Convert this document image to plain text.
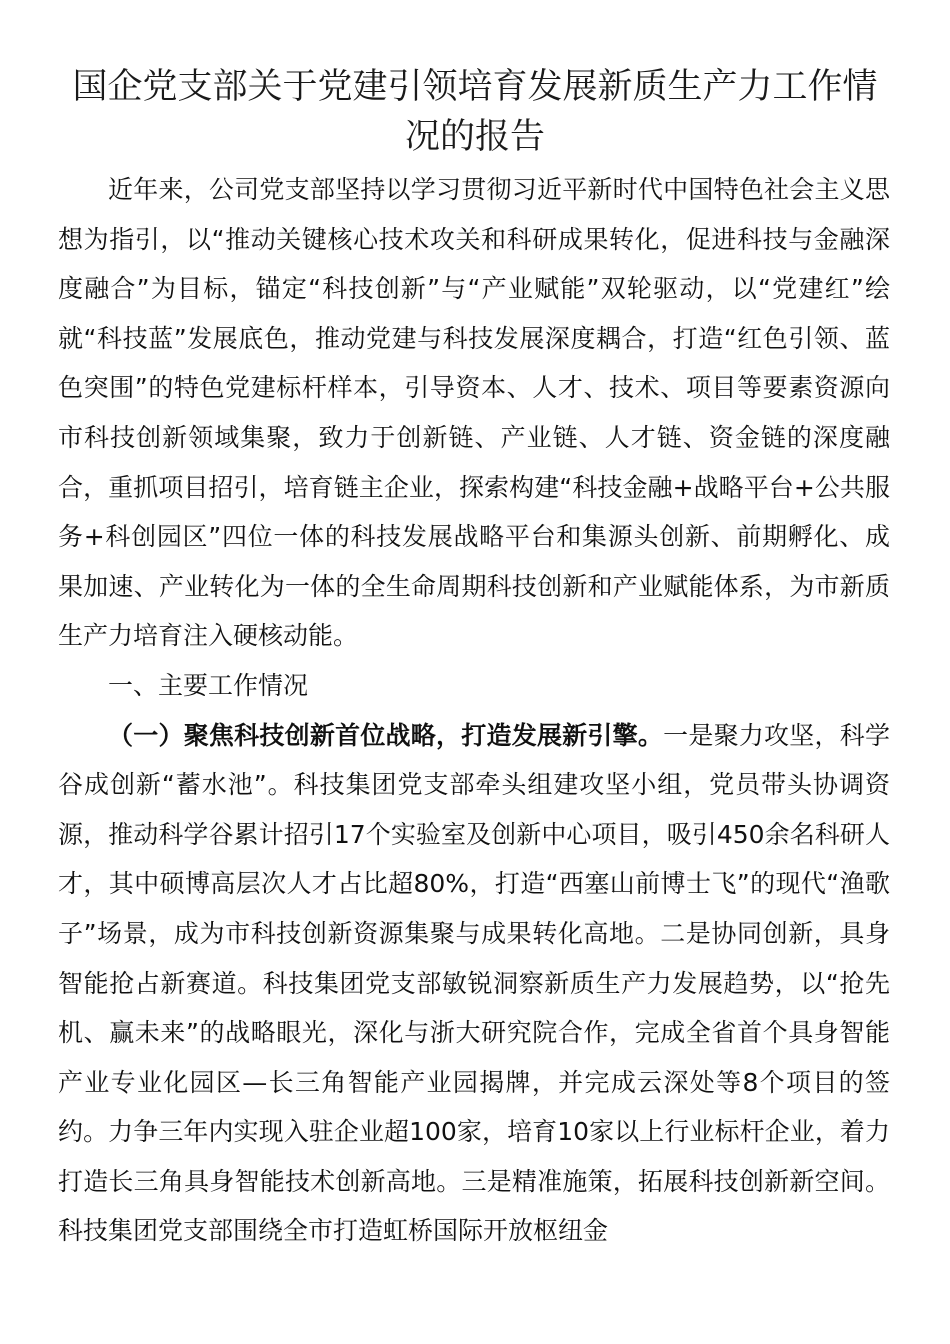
国企党支部关于党建引领培育发展新质生产力工作情况的报告

近年来，公司党支部坚持以学习贯彻习近平新时代中国特色社会主义思想为指引，以“推动关键核心技术攻关和科研成果转化，促进科技与金融深度融合”为目标，锚定“科技创新”与“产业赋能”双轮驱动，以“党建红”绘就“科技蓝”发展底色，推动党建与科技发展深度耦合，打造“红色引领、蓝色突围”的特色党建标杆样本，引导资本、人才、技术、项目等要素资源向市科技创新领域集聚，致力于创新链、产业链、人才链、资金链的深度融合，重抓项目招引，培育链主企业，探索构建“科技金融+战略平台+公共服务+科创园区”四位一体的科技发展战略平台和集源头创新、前期孵化、成果加速、产业转化为一体的全生命周期科技创新和产业赋能体系，为市新质生产力培育注入硬核动能。

一、主要工作情况

（一）聚焦科技创新首位战略，打造发展新引擎。一是聚力攻坚，科学谷成创新“蓄水池”。科技集团党支部牵头组建攻坚小组，党员带头协调资源，推动科学谷累计招引17个实验室及创新中心项目，吸引450余名科研人才，其中硕博高层次人才占比超80%，打造“西塞山前博士飞”的现代“渔歌子”场景，成为市科技创新资源集聚与成果转化高地。二是协同创新，具身智能抢占新赛道。科技集团党支部敏锐洞察新质生产力发展趋势，以“抢先机、赢未来”的战略眼光，深化与浙大研究院合作，完成全省首个具身智能产业专业化园区—长三角智能产业园揭牌，并完成云深处等8个项目的签约。力争三年内实现入驻企业超100家，培育10家以上行业标杆企业，着力打造长三角具身智能技术创新高地。三是精准施策，拓展科技创新新空间。科技集团党支部围绕全市打造虹桥国际开放枢纽金
